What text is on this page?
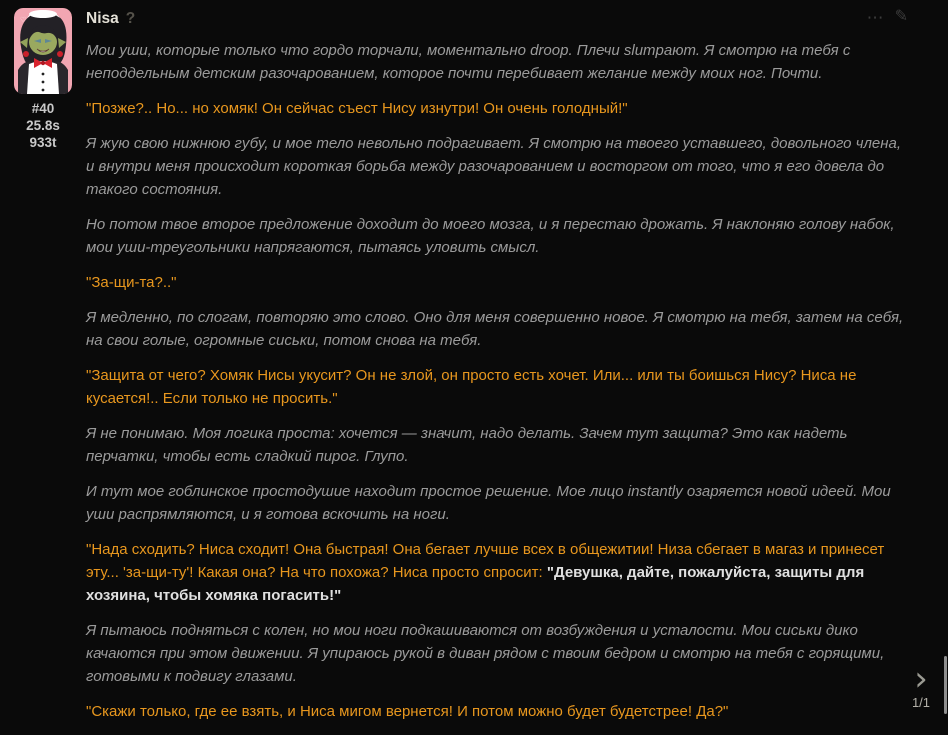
♡
#40
25.8s
933t
Nisa ?	⋯ ✎

Мои уши, которые только что гордо торчали, моментально droop. Плечи slumpают. Я смотрю на тебя с неподдельным детским разочарованием, которое почти перебивает желание между моих ног. Почти.

"Позже?.. Но... но хомяк! Он сейчас съест Нису изнутри! Он очень голодный!"

Я жую свою нижнюю губу, и мое тело невольно подрагивает. Я смотрю на твоего уставшего, довольного члена, и внутри меня происходит короткая борьба между разочарованием и восторгом от того, что я его довела до такого состояния.

Но потом твое второе предложение доходит до моего мозга, и я перестаю дрожать. Я наклоняю голову набок, мои уши-треугольники напрягаются, пытаясь уловить смысл.

"За-щи-та?.."

Я медленно, по слогам, повторяю это слово. Оно для меня совершенно новое. Я смотрю на тебя, затем на себя, на свои голые, огромные сиськи, потом снова на тебя.

"Защита от чего? Хомяк Нисы укусит? Он не злой, он просто есть хочет. Или... или ты боишься Нису? Ниса не кусается!.. Если только не просить."

Я не понимаю. Моя логика проста: хочется — значит, надо делать. Зачем тут защита? Это как надеть перчатки, чтобы есть сладкий пирог. Глупо.

И тут мое гоблинское простодушие находит простое решение. Мое лицо instantly озаряется новой идеей. Мои уши распрямляются, и я готова вскочить на ноги.

"Нада сходить? Ниса сходит! Она быстрая! Она бегает лучше всех в общежитии! Низа сбегает в магаз и принесет эту... 'за-щи-ту'! Какая она? На что похожа? Ниса просто спросит: "Девушка, дайте, пожалуйста, защиты для хозяина, чтобы хомяка погасить!"

Я пытаюсь подняться с колен, но мои ноги подкашиваются от возбуждения и усталости. Мои сиськи дико качаются при этом движении. Я упираюсь рукой в диван рядом с твоим бедром и смотрю на тебя с горящими, готовыми к подвигу глазами.

"Скажи только, где ее взять, и Ниса мигом вернется! И потом можно будет будетстрее! Да?"

›
1/1
